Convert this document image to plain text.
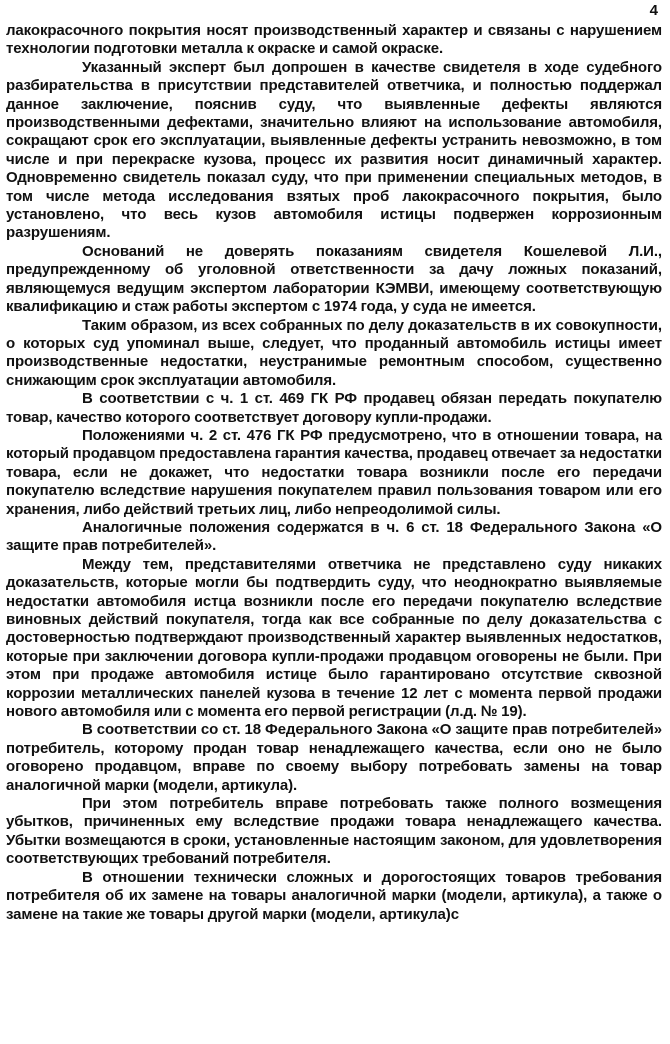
4

лакокрасочного покрытия носят производственный характер и связаны с нарушением технологии подготовки металла к окраске и самой окраске.

Указанный эксперт был допрошен в качестве свидетеля в ходе судебного разбирательства в присутствии представителей ответчика, и полностью поддержал данное заключение, пояснив суду, что выявленные дефекты являются производственными дефектами, значительно влияют на использование автомобиля, сокращают срок его эксплуатации, выявленные дефекты устранить невозможно, в том числе и при перекраске кузова, процесс их развития носит динамичный характер. Одновременно свидетель показал суду, что при применении специальных методов, в том числе метода исследования взятых проб лакокрасочного покрытия, было установлено, что весь кузов автомобиля истицы подвержен коррозионным разрушениям.

Оснований не доверять показаниям свидетеля Кошелевой Л.И., предупрежденному об уголовной ответственности за дачу ложных показаний, являющемуся ведущим экспертом лаборатории КЭМВИ, имеющему соответствующую квалификацию и стаж работы экспертом с 1974 года, у суда не имеется.

Таким образом, из всех собранных по делу доказательств в их совокупности, о которых суд упоминал выше, следует, что проданный автомобиль истицы имеет производственные недостатки, неустранимые ремонтным способом, существенно снижающим срок эксплуатации автомобиля.

В соответствии с ч. 1 ст. 469 ГК РФ продавец обязан передать покупателю товар, качество которого соответствует договору купли-продажи.

Положениями ч. 2 ст. 476 ГК РФ предусмотрено, что в отношении товара, на который продавцом предоставлена гарантия качества, продавец отвечает за недостатки товара, если не докажет, что недостатки товара возникли после его передачи покупателю вследствие нарушения покупателем правил пользования товаром или его хранения, либо действий третьих лиц, либо непреодолимой силы.

Аналогичные положения содержатся в ч. 6 ст. 18 Федерального Закона «О защите прав потребителей».

Между тем, представителями ответчика не представлено суду никаких доказательств, которые могли бы подтвердить суду, что неоднократно выявляемые недостатки автомобиля истца возникли после его передачи покупателю вследствие виновных действий покупателя, тогда как все собранные по делу доказательства с достоверностью подтверждают производственный характер выявленных недостатков, которые при заключении договора купли-продажи продавцом оговорены не были. При этом при продаже автомобиля истице было гарантировано отсутствие сквозной коррозии металлических панелей кузова в течение 12 лет с момента первой продажи нового автомобиля или с момента его первой регистрации (л.д. № 19).

В соответствии со ст. 18 Федерального Закона «О защите прав потребителей» потребитель, которому продан товар ненадлежащего качества, если оно не было оговорено продавцом, вправе по своему выбору потребовать замены на товар аналогичной марки (модели, артикула).

При этом потребитель вправе потребовать также полного возмещения убытков, причиненных ему вследствие продажи товара ненадлежащего качества. Убытки возмещаются в сроки, установленные настоящим законом, для удовлетворения соответствующих требований потребителя.

В отношении технически сложных и дорогостоящих товаров требования потребителя об их замене на товары аналогичной марки (модели, артикула), а также о замене на такие же товары другой марки (модели, артикула)с
